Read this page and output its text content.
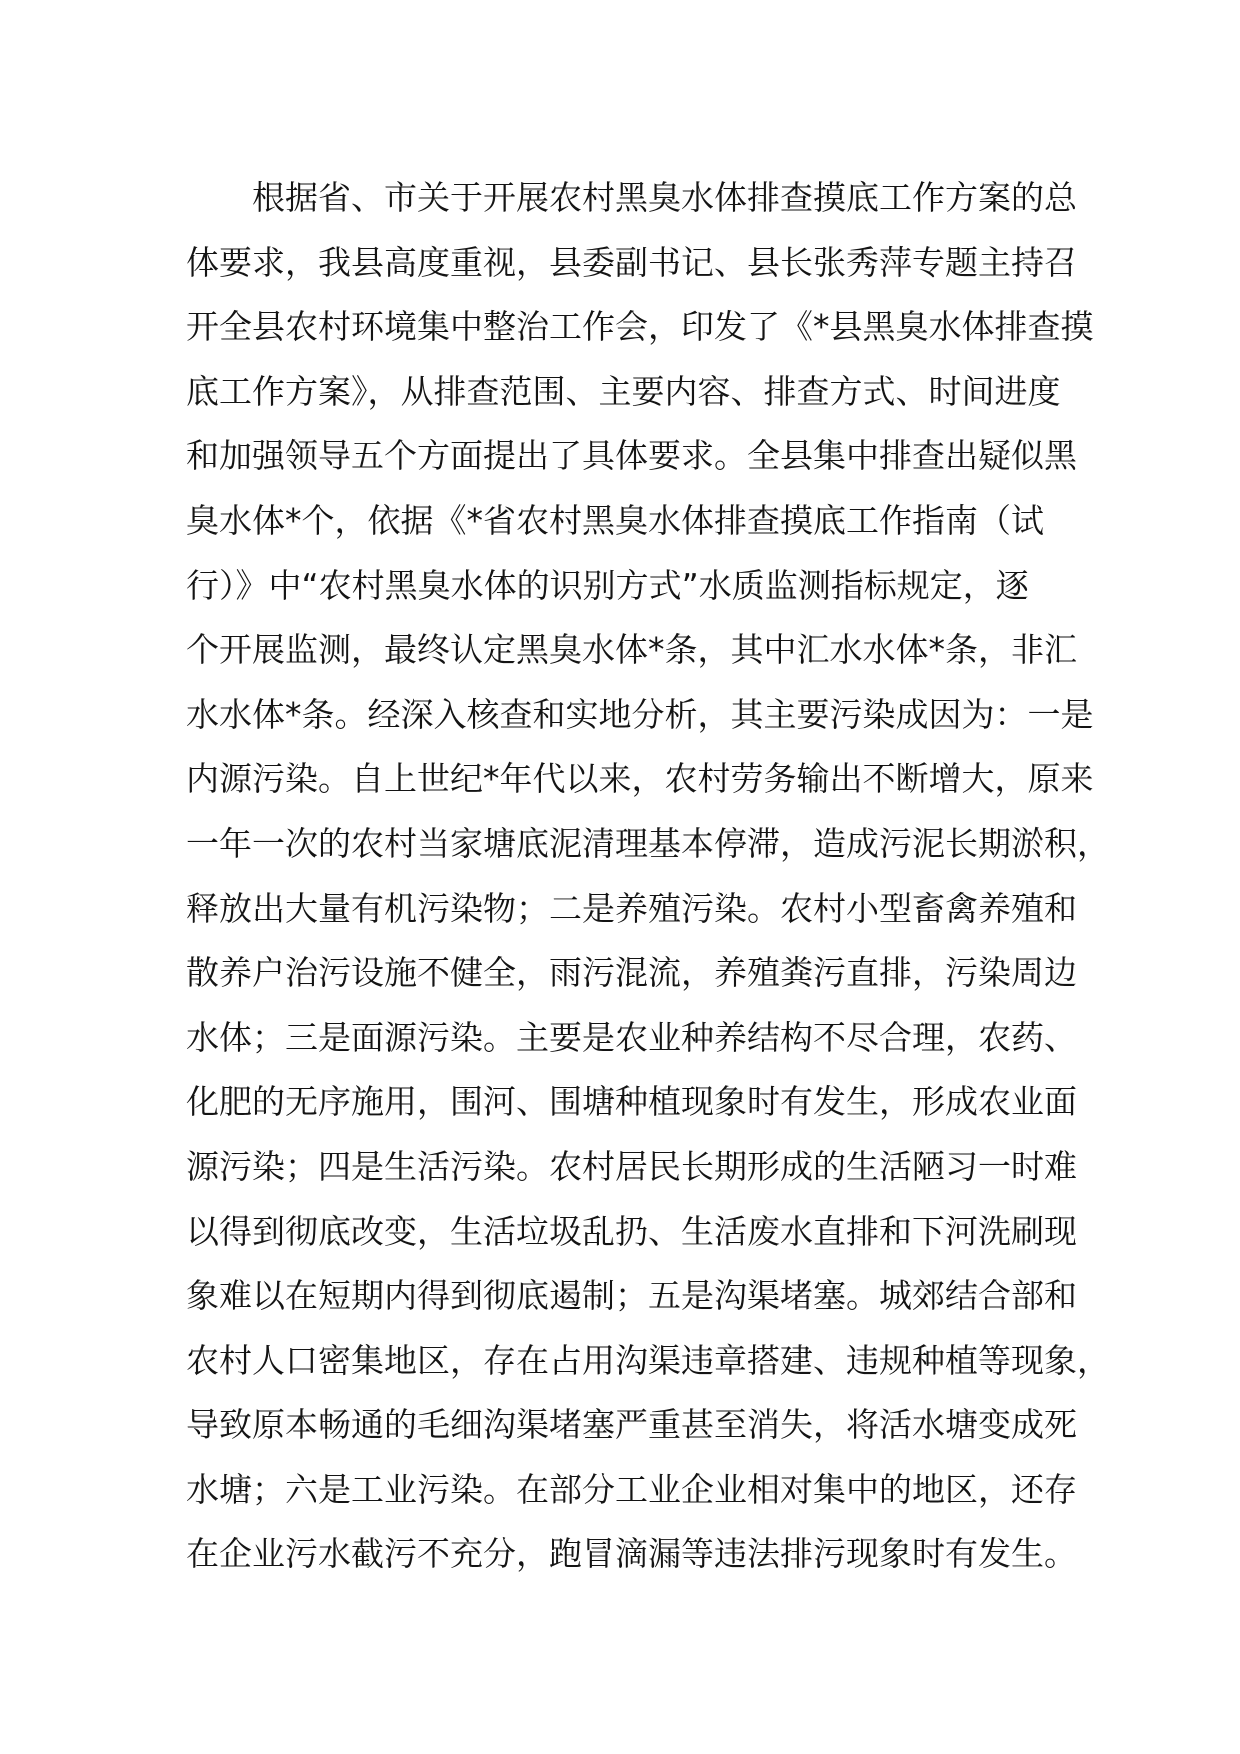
根据省、市关于开展农村黑臭水体排查摸底工作方案的总
体要求，我县高度重视，县委副书记、县长张秀萍专题主持召
开全县农村环境集中整治工作会，印发了《*县黑臭水体排查摸
底工作方案》，从排查范围、主要内容、排查方式、时间进度
和加强领导五个方面提出了具体要求。全县集中排查出疑似黑
臭水体*个，依据《*省农村黑臭水体排查摸底工作指南（试
行）》中“农村黑臭水体的识别方式”水质监测指标规定，逐
个开展监测，最终认定黑臭水体*条，其中汇水水体*条，非汇
水水体*条。经深入核查和实地分析，其主要污染成因为：一是
内源污染。自上世纪*年代以来，农村劳务输出不断增大，原来
一年一次的农村当家塘底泥清理基本停滞，造成污泥长期淤积，
释放出大量有机污染物；二是养殖污染。农村小型畜禽养殖和
散养户治污设施不健全，雨污混流，养殖粪污直排，污染周边
水体；三是面源污染。主要是农业种养结构不尽合理，农药、
化肥的无序施用，围河、围塘种植现象时有发生，形成农业面
源污染；四是生活污染。农村居民长期形成的生活陋习一时难
以得到彻底改变，生活垃圾乱扔、生活废水直排和下河洗刷现
象难以在短期内得到彻底遏制；五是沟渠堵塞。城郊结合部和
农村人口密集地区，存在占用沟渠违章搭建、违规种植等现象，
导致原本畅通的毛细沟渠堵塞严重甚至消失，将活水塘变成死
水塘；六是工业污染。在部分工业企业相对集中的地区，还存
在企业污水截污不充分，跑冒滴漏等违法排污现象时有发生。
